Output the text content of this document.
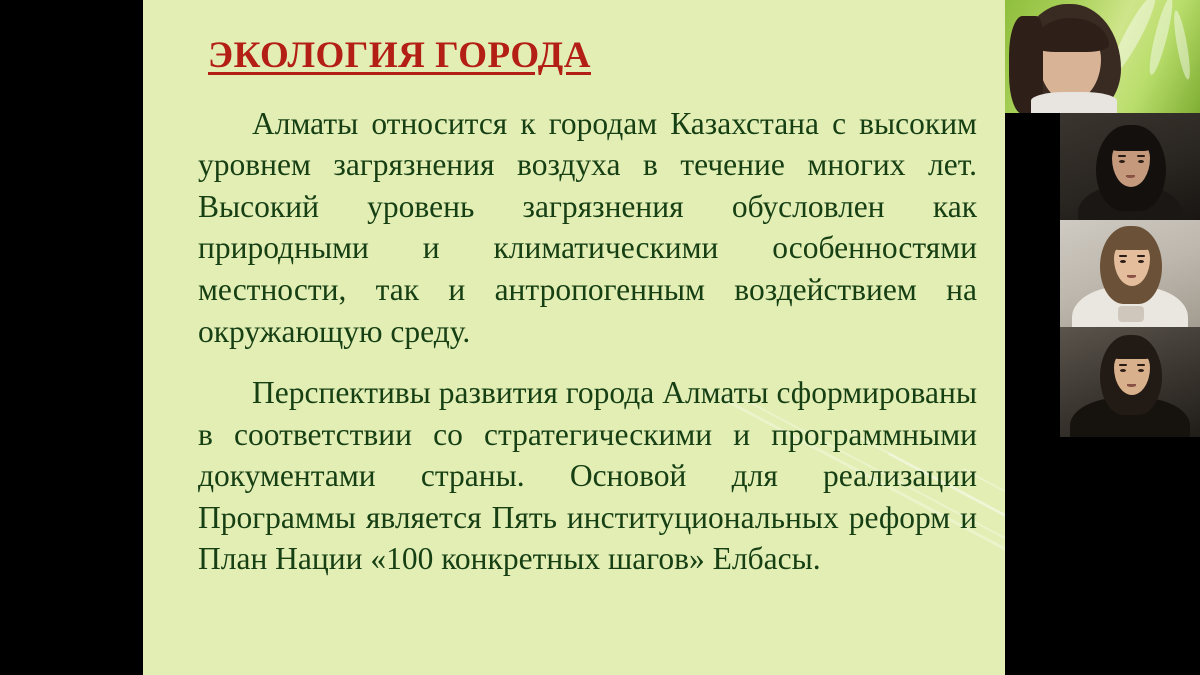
ЭКОЛОГИЯ ГОРОДА

Алматы относится к городам Казахстана с высоким уровнем загрязнения воздуха в течение многих лет. Высокий уровень загрязнения обусловлен как природными и климатическими особенностями местности, так и антропогенным воздействием на окружающую среду.

Перспективы развития города Алматы сформированы в соответствии со стратегическими и программными документами страны. Основой для реализации Программы является Пять институциональных реформ и План Нации «100 конкретных шагов» Елбасы.
